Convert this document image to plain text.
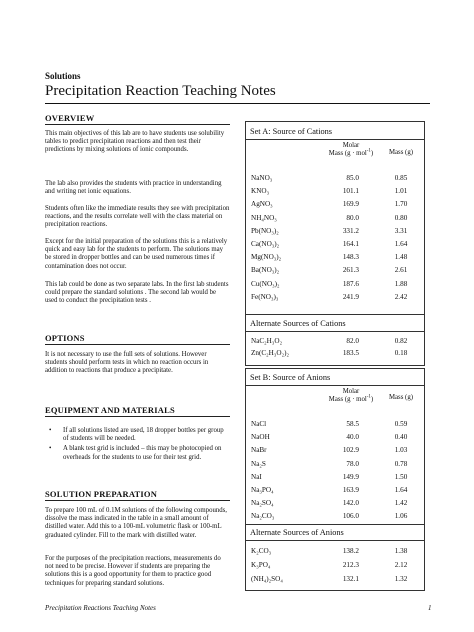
Solutions
Precipitation Reaction Teaching Notes
OVERVIEW

This main objectives of this lab are to have students use solubility tables to predict precipitation reactions and then test their predictions by mixing solutions of ionic compounds.

The lab also provides the students with practice in understanding and writing net ionic equations.

Students often like the immediate results they see with precipitation reactions, and the results correlate well with the class material on precipitation reactions.

Except for the initial preparation of the solutions this is a relatively quick and easy lab for the students to perform. The solutions may be stored in dropper bottles and can be used numerous times if contamination does not occur.

This lab could be done as two separate labs. In the first lab students could prepare the standard solutions . The second lab would be used to conduct the precipitation tests .

OPTIONS

It is not necessary to use the full sets of solutions. However students should perform tests in which no reaction occurs in addition to reactions that produce a precipitate.

EQUIPMENT AND MATERIALS
• If all solutions listed are used, 18 dropper bottles per group of students will be needed.
• A blank test grid is included – this may be photocopied on overheads for the students to use for their test grid.
SOLUTION PREPARATION

To prepare 100 mL of 0.1M solutions of the following compounds, dissolve the mass indicated in the table in a small amount of distilled water. Add this to a 100-mL volumetric flask or 100-mL graduated cylinder. Fill to the mark with distilled water.

For the purposes of the precipitation reactions, measurements do not need to be precise. However if students are preparing the solutions this is a good opportunity for them to practice good techniques for preparing standard solutions.

Set A: Source of Cations
Molar
Mass (g · mol$^{-1}$)	Mass (g)
NaNO₃	85.0	0.85
KNO₃	101.1	1.01
AgNO₃	169.9	1.70
NH₄NO₃	80.0	0.80
Pb(NO₃)₂	331.2	3.31
Ca(NO₃)₂	164.1	1.64
Mg(NO₃)₂	148.3	1.48
Ba(NO₃)₂	261.3	2.61
Cu(NO₃)₂	187.6	1.88
Fe(NO₃)₃	241.9	2.42
Alternate Sources of Cations
NaC₂H₃O₂	82.0	0.82
Zn(C₂H₃O₂)₂	183.5	0.18
Set B: Source of Anions
Molar
Mass (g · mol$^{-1}$)	Mass (g)
NaCl	58.5	0.59
NaOH	40.0	0.40
NaBr	102.9	1.03
Na₂S	78.0	0.78
NaI	149.9	1.50
Na₃PO₄	163.9	1.64
Na₂SO₄	142.0	1.42
Na₂CO₃	106.0	1.06
Alternate Sources of Anions
K₂CO₃	138.2	1.38
K₃PO₄	212.3	2.12
(NH₄)₂SO₄	132.1	1.32
Precipitation Reactions Teaching Notes	1
